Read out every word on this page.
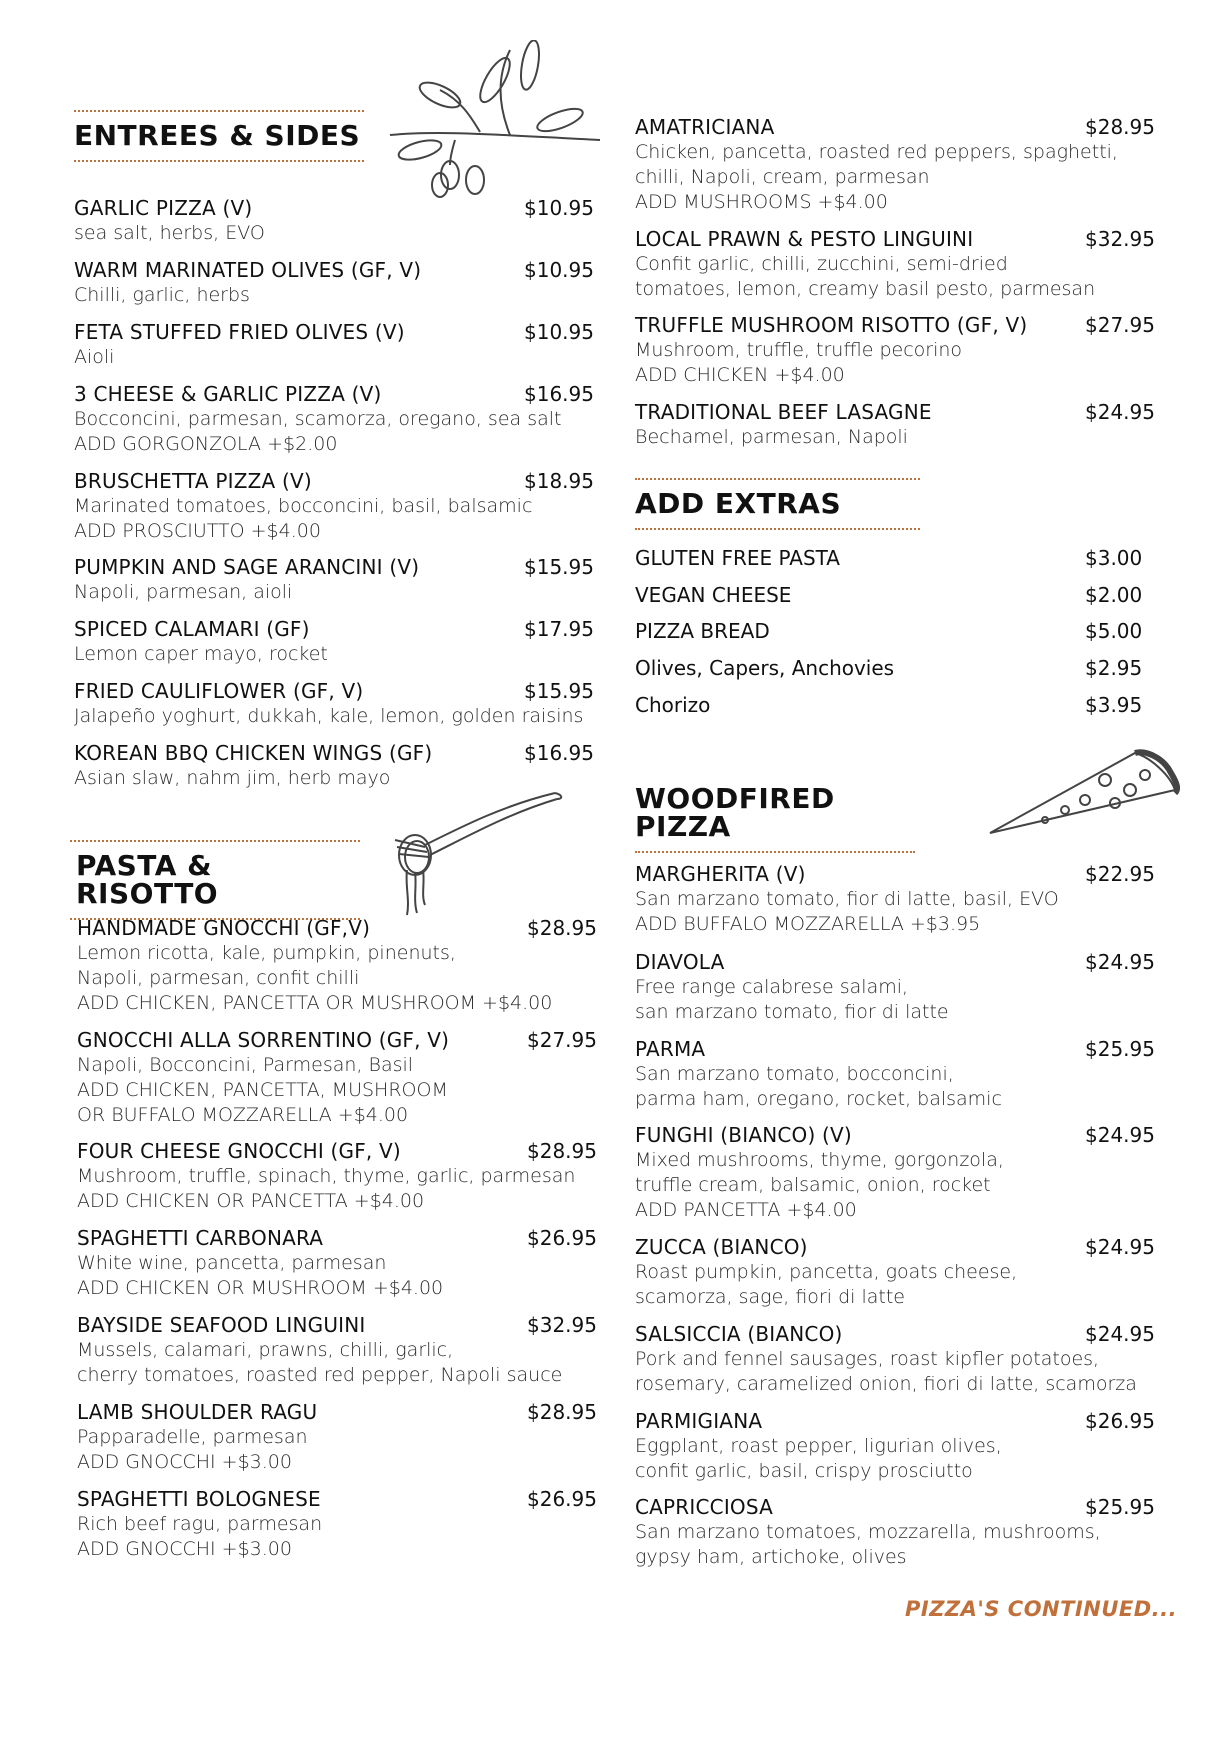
ENTREES & SIDES
GARLIC PIZZA (V)	$10.95
sea salt, herbs, EVO
WARM MARINATED OLIVES (GF, V)	$10.95
Chilli, garlic, herbs
FETA STUFFED FRIED OLIVES (V)	$10.95
Aioli
3 CHEESE & GARLIC PIZZA (V)	$16.95
Bocconcini, parmesan, scamorza, oregano, sea salt
ADD GORGONZOLA +$2.00
BRUSCHETTA PIZZA (V)	$18.95
Marinated tomatoes, bocconcini, basil, balsamic
ADD PROSCIUTTO +$4.00
PUMPKIN AND SAGE ARANCINI (V)	$15.95
Napoli, parmesan, aioli
SPICED CALAMARI (GF)	$17.95
Lemon caper mayo, rocket
FRIED CAULIFLOWER (GF, V)	$15.95
Jalapeño yoghurt, dukkah, kale, lemon, golden raisins
KOREAN BBQ CHICKEN WINGS (GF)	$16.95
Asian slaw, nahm jim, herb mayo
PASTA & RISOTTO
HANDMADE GNOCCHI (GF,V)	$28.95
Lemon ricotta, kale, pumpkin, pinenuts,
Napoli, parmesan, confit chilli
ADD CHICKEN, PANCETTA OR MUSHROOM +$4.00
GNOCCHI ALLA SORRENTINO (GF, V)	$27.95
Napoli, Bocconcini, Parmesan, Basil
ADD CHICKEN, PANCETTA, MUSHROOM
OR BUFFALO MOZZARELLA +$4.00
FOUR CHEESE GNOCCHI (GF, V)	$28.95
Mushroom, truffle, spinach, thyme, garlic, parmesan
ADD CHICKEN OR PANCETTA +$4.00
SPAGHETTI CARBONARA	$26.95
White wine, pancetta, parmesan
ADD CHICKEN OR MUSHROOM +$4.00
BAYSIDE SEAFOOD LINGUINI	$32.95
Mussels, calamari, prawns, chilli, garlic,
cherry tomatoes, roasted red pepper, Napoli sauce
LAMB SHOULDER RAGU	$28.95
Papparadelle, parmesan
ADD GNOCCHI +$3.00
SPAGHETTI BOLOGNESE	$26.95
Rich beef ragu, parmesan
ADD GNOCCHI +$3.00
AMATRICIANA	$28.95
Chicken, pancetta, roasted red peppers, spaghetti,
chilli, Napoli, cream, parmesan
ADD MUSHROOMS +$4.00
LOCAL PRAWN & PESTO LINGUINI	$32.95
Confit garlic, chilli, zucchini, semi-dried
tomatoes, lemon, creamy basil pesto, parmesan
TRUFFLE MUSHROOM RISOTTO (GF, V)	$27.95
Mushroom, truffle, truffle pecorino
ADD CHICKEN +$4.00
TRADITIONAL BEEF LASAGNE	$24.95
Bechamel, parmesan, Napoli
ADD EXTRAS
GLUTEN FREE PASTA	$3.00
VEGAN CHEESE	$2.00
PIZZA BREAD	$5.00
Olives, Capers, Anchovies	$2.95
Chorizo	$3.95
WOODFIRED PIZZA
MARGHERITA (V)	$22.95
San marzano tomato, fior di latte, basil, EVO
ADD BUFFALO MOZZARELLA +$3.95
DIAVOLA	$24.95
Free range calabrese salami,
san marzano tomato, fior di latte
PARMA	$25.95
San marzano tomato, bocconcini,
parma ham, oregano, rocket, balsamic
FUNGHI (BIANCO) (V)	$24.95
Mixed mushrooms, thyme, gorgonzola,
truffle cream, balsamic, onion, rocket
ADD PANCETTA +$4.00
ZUCCA (BIANCO)	$24.95
Roast pumpkin, pancetta, goats cheese,
scamorza, sage, fiori di latte
SALSICCIA (BIANCO)	$24.95
Pork and fennel sausages, roast kipfler potatoes,
rosemary, caramelized onion, fiori di latte, scamorza
PARMIGIANA	$26.95
Eggplant, roast pepper, ligurian olives,
confit garlic, basil, crispy prosciutto
CAPRICCIOSA	$25.95
San marzano tomatoes, mozzarella, mushrooms,
gypsy ham, artichoke, olives
PIZZA'S CONTINUED...
